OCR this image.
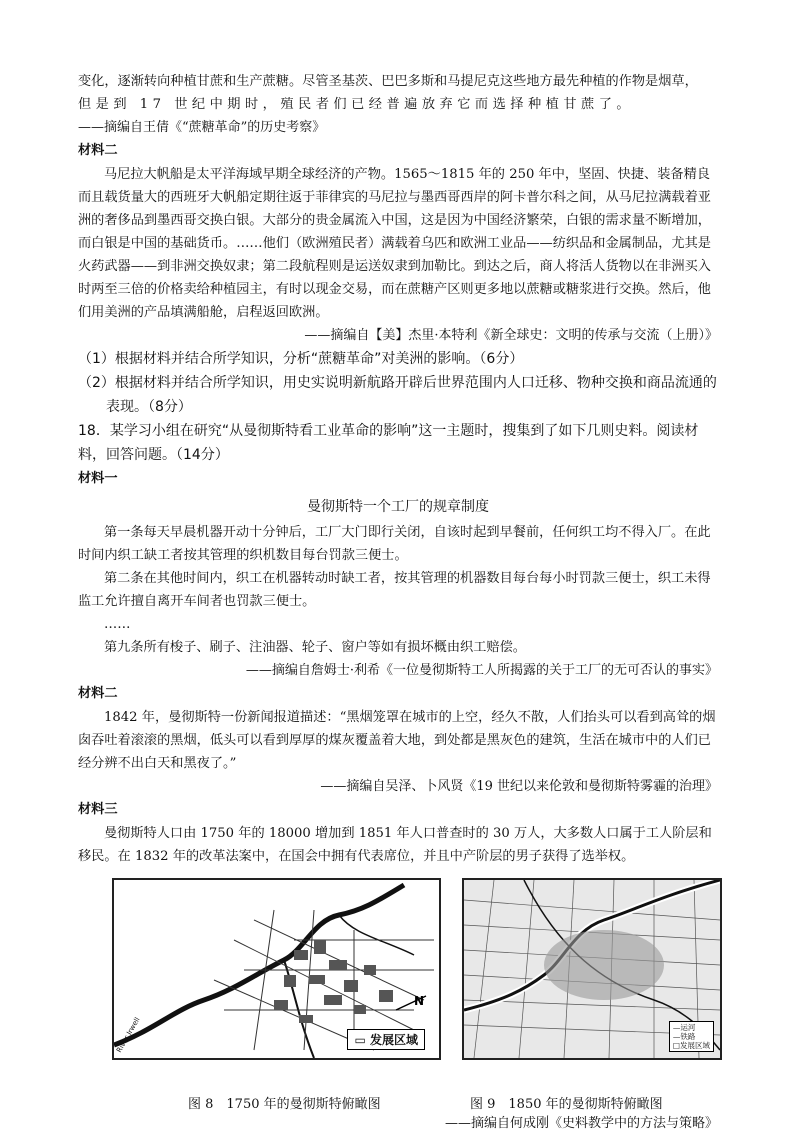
变化，逐渐转向种植甘蔗和生产蔗糖。尽管圣基茨、巴巴多斯和马提尼克这些地方最先种植的作物是烟草，

但是到 17 世纪中期时，殖民者们已经普遍放弃它而选择种植甘蔗了。

——摘编自王倩《“蔗糖革命”的历史考察》

材料二

马尼拉大帆船是太平洋海域早期全球经济的产物。1565～1815 年的 250 年中，坚固、快捷、装备精良而且载货量大的西班牙大帆船定期往返于菲律宾的马尼拉与墨西哥西岸的阿卡普尔科之间，从马尼拉满载着亚洲的奢侈品到墨西哥交换白银。大部分的贵金属流入中国，这是因为中国经济繁荣，白银的需求量不断增加，而白银是中国的基础货币。……他们（欧洲殖民者）满载着乌匹和欧洲工业品——纺织品和金属制品，尤其是火药武器——到非洲交换奴隶；第二段航程则是运送奴隶到加勒比。到达之后，商人将活人货物以在非洲买入时两至三倍的价格卖给种植园主，有时以现金交易，而在蔗糖产区则更多地以蔗糖或糖浆进行交换。然后，他们用美洲的产品填满船舱，启程返回欧洲。

——摘编自【美】杰里·本特利《新全球史：文明的传承与交流（上册）》

（1）根据材料并结合所学知识，分析“蔗糖革命”对美洲的影响。（6分）

（2）根据材料并结合所学知识，用史实说明新航路开辟后世界范围内人口迁移、物种交换和商品流通的

表现。（8分）

18．某学习小组在研究“从曼彻斯特看工业革命的影响”这一主题时，搜集到了如下几则史料。阅读材

料，回答问题。（14分）

材料一

曼彻斯特一个工厂的规章制度

第一条每天早晨机器开动十分钟后，工厂大门即行关闭，自该时起到早餐前，任何织工均不得入厂。在此时间内织工缺工者按其管理的织机数目每台罚款三便士。

第二条在其他时间内，织工在机器转动时缺工者，按其管理的机器数目每台每小时罚款三便士，织工未得监工允许擅自离开车间者也罚款三便士。

……

第九条所有梭子、刷子、注油器、轮子、窗户等如有损坏概由织工赔偿。

——摘编自詹姆士·利希《一位曼彻斯特工人所揭露的关于工厂的无可否认的事实》

材料二

1842 年，曼彻斯特一份新闻报道描述：“黑烟笼罩在城市的上空，经久不散，人们抬头可以看到高耸的烟囱吞吐着滚滚的黑烟，低头可以看到厚厚的煤灰覆盖着大地，到处都是黑灰色的建筑，生活在城市中的人们已经分辨不出白天和黑夜了。”

——摘编自吴泽、卜风贤《19 世纪以来伦敦和曼彻斯特雾霾的治理》

材料三

曼彻斯特人口由 1750 年的 18000 增加到 1851 年人口普查时的 30 万人，大多数人口属于工人阶层和移民。在 1832 年的改革法案中，在国会中拥有代表席位，并且中产阶层的男子获得了选举权。

N
River Irwell	▭ 发展区域
—运河
—铁路
□发展区域
图 8　1750 年的曼彻斯特俯瞰图	图 9　1850 年的曼彻斯特俯瞰图

——摘编自何成刚《史料教学中的方法与策略》
